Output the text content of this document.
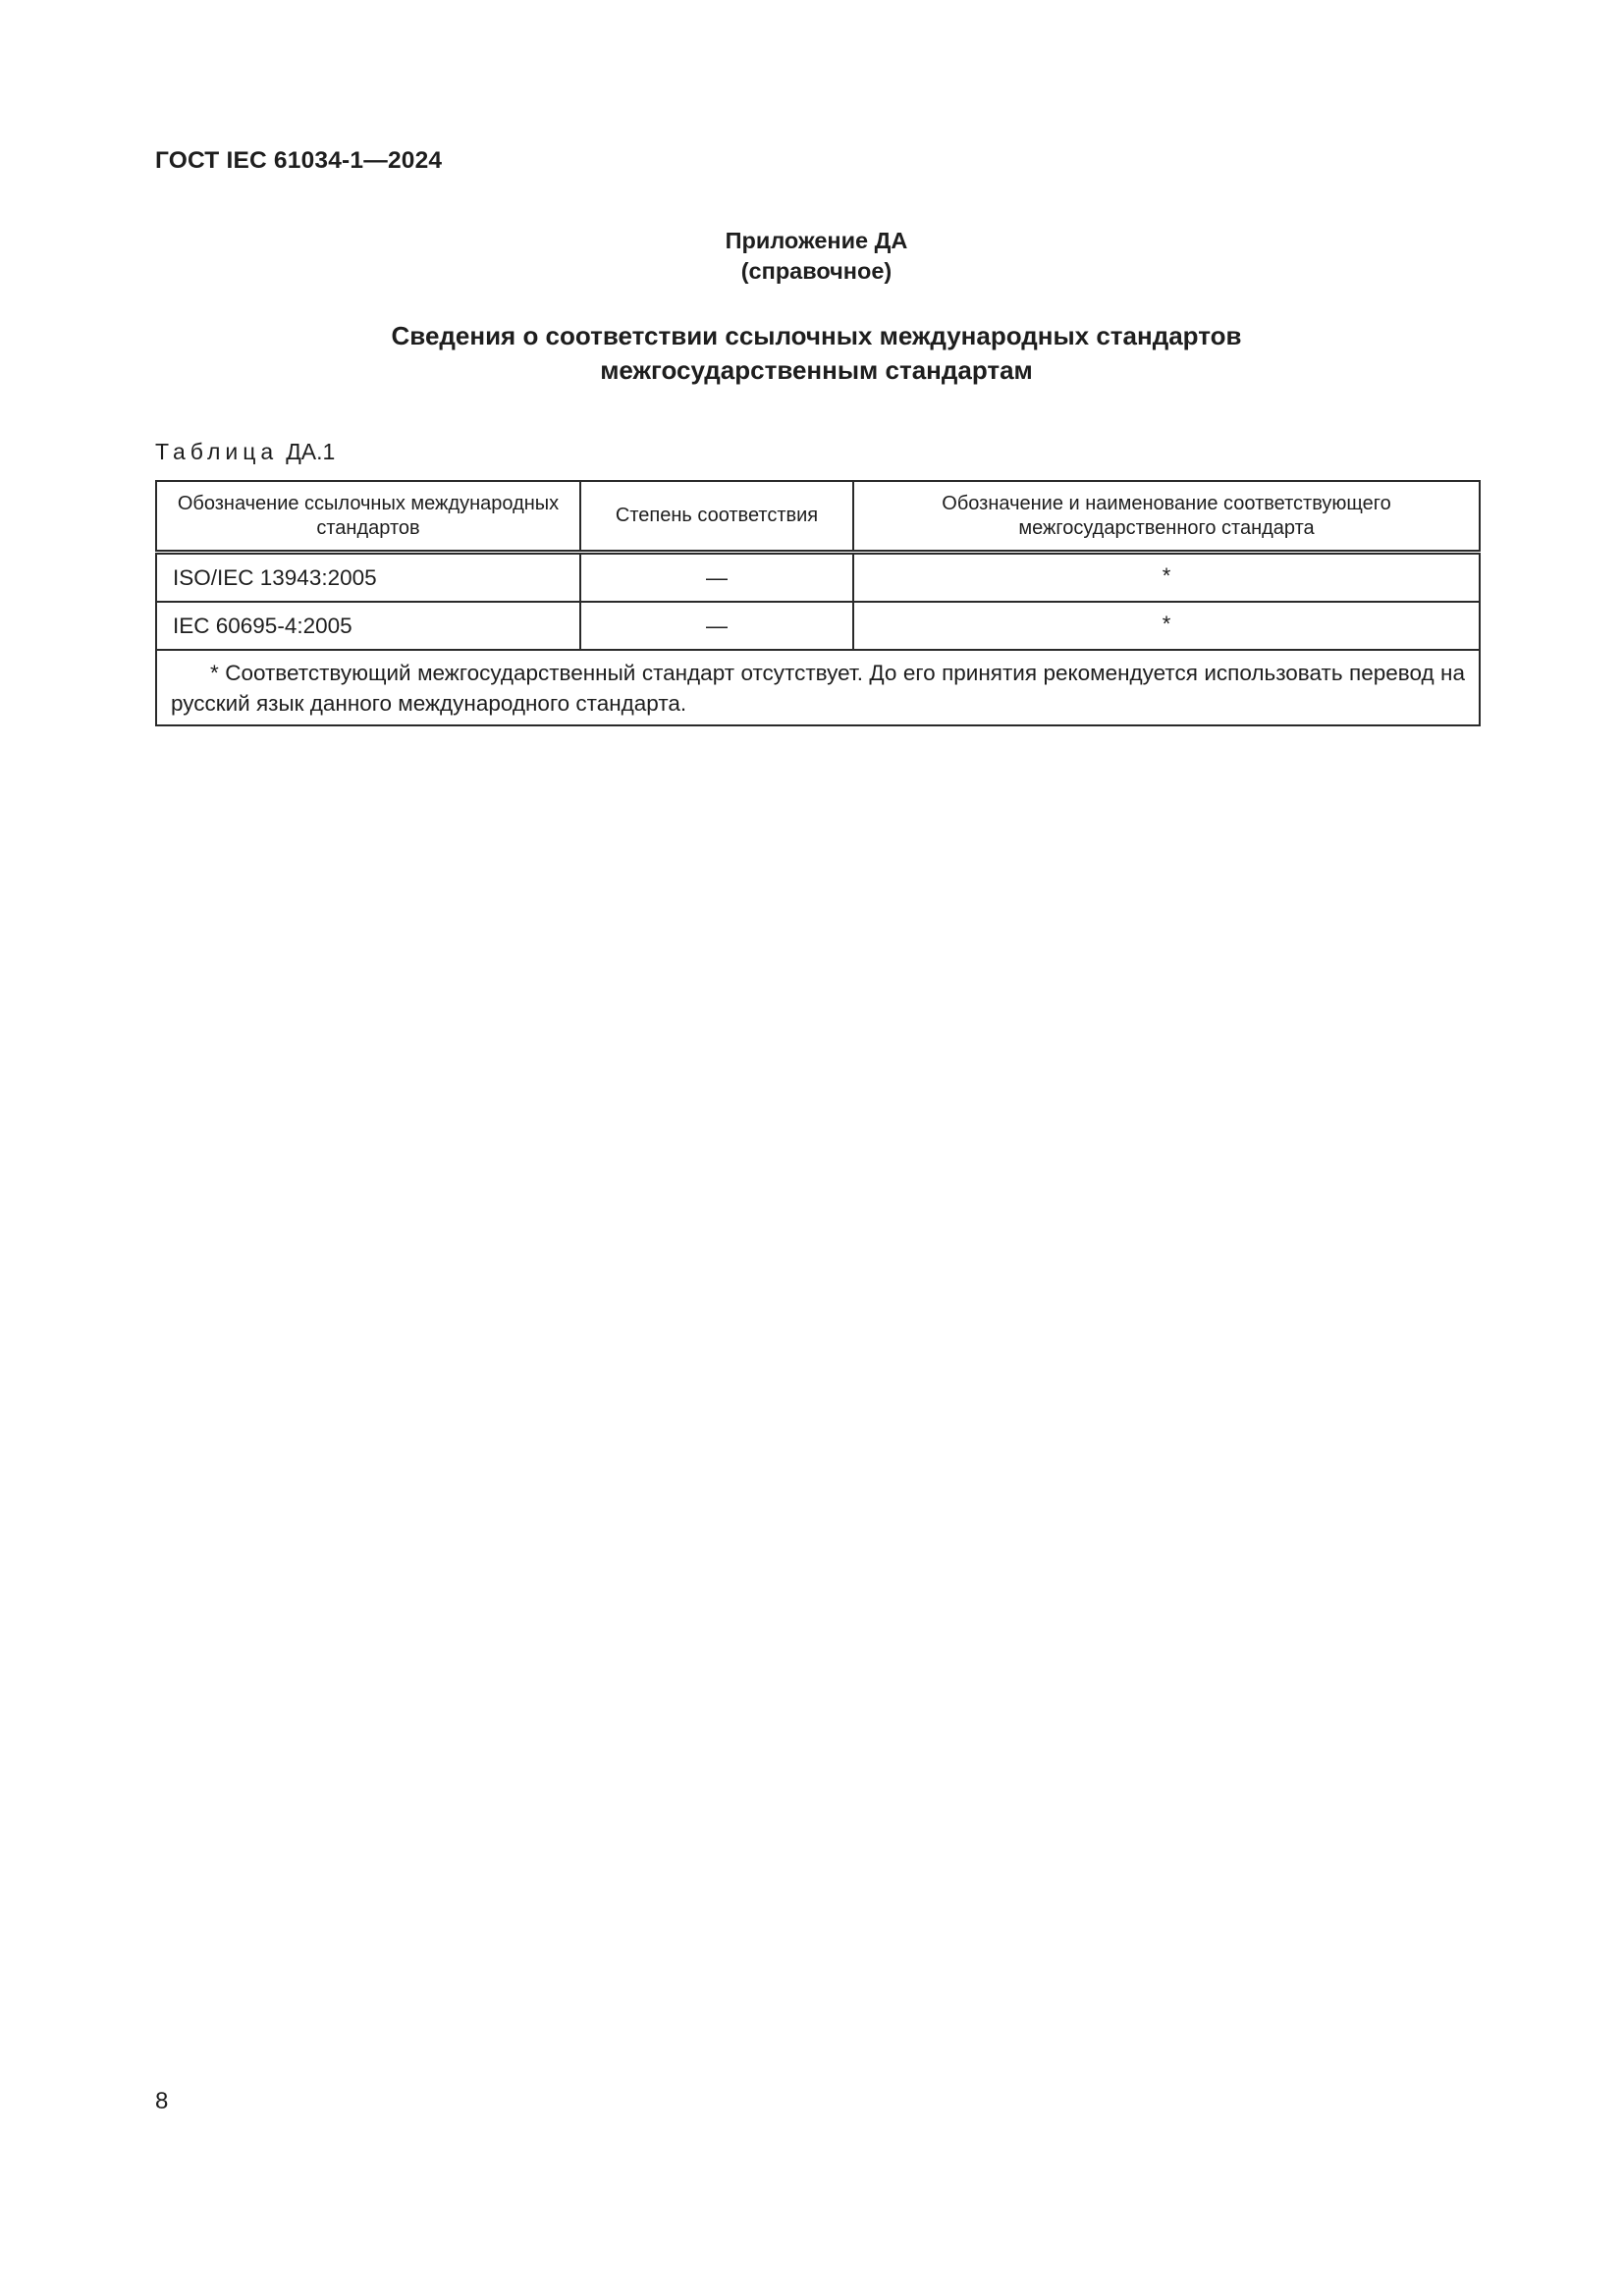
ГОСТ IEC 61034-1—2024
Приложение ДА
(справочное)
Сведения о соответствии ссылочных международных стандартов
межгосударственным стандартам
Таблица ДА.1
Обозначение ссылочных международных стандартов	Степень соответствия	Обозначение и наименование соответствующего межгосударственного стандарта
ISO/IEC 13943:2005	—	*
IEC 60695-4:2005	—	*
* Соответствующий межгосударственный стандарт отсутствует. До его принятия рекомендуется использовать перевод на русский язык данного международного стандарта.		
8
